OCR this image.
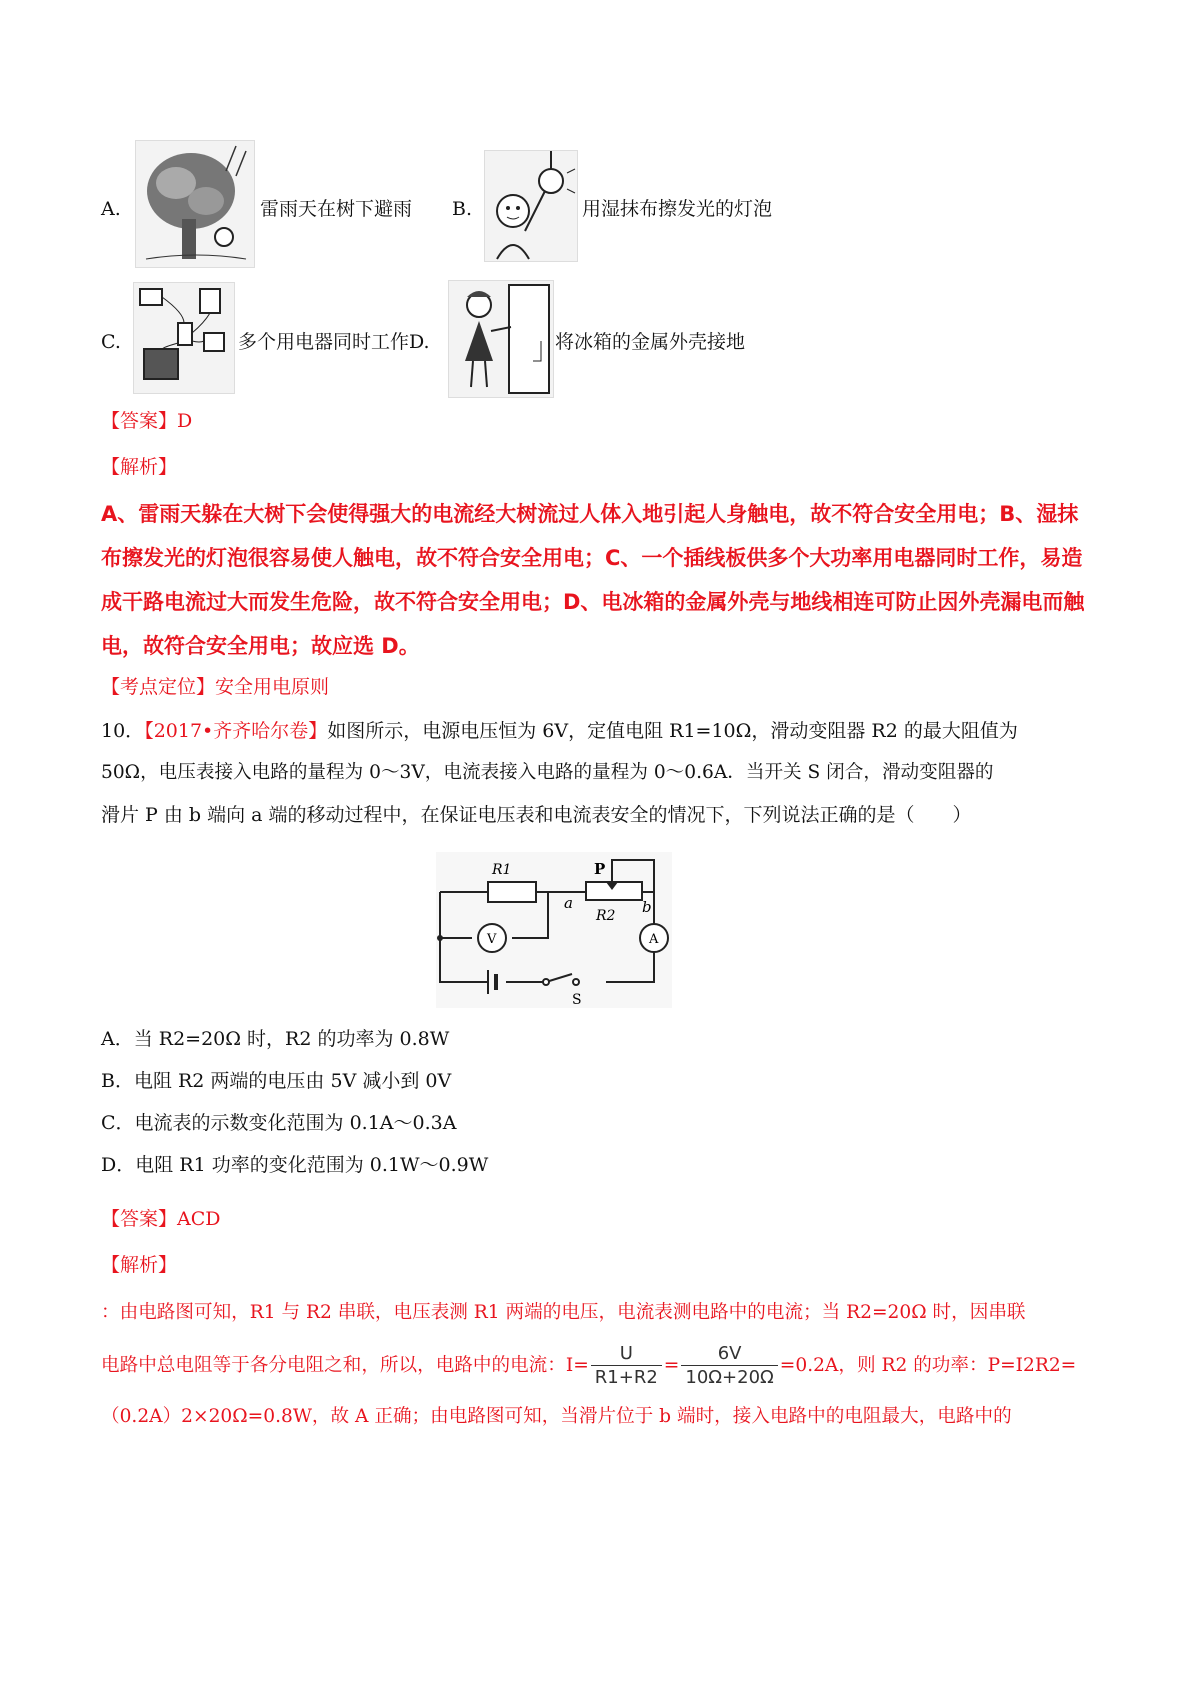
A.	雷雨天在树下避雨 B.	用湿抹布擦发光的灯泡
C.	多个用电器同时工作D.	将冰箱的金属外壳接地
【答案】D
【解析】
A、雷雨天躲在大树下会使得强大的电流经大树流过人体入地引起人身触电，故不符合安全用电；B、湿抹
布擦发光的灯泡很容易使人触电，故不符合安全用电；C、一个插线板供多个大功率用电器同时工作，易造
成干路电流过大而发生危险，故不符合安全用电；D、电冰箱的金属外壳与地线相连可防止因外壳漏电而触
电，故符合安全用电；故应选 D。
【考点定位】安全用电原则
10．【2017•齐齐哈尔卷】如图所示，电源电压恒为 6V，定值电阻 R1=10Ω，滑动变阻器 R2 的最大阻值为
50Ω，电压表接入电路的量程为 0～3V，电流表接入电路的量程为 0～0.6A．当开关 S 闭合，滑动变阻器的
滑片 P 由 b 端向 a 端的移动过程中，在保证电压表和电流表安全的情况下，下列说法正确的是（　　）
R1	P
a	b
R2
V	A
S
A．当 R2=20Ω 时，R2 的功率为 0.8W
B．电阻 R2 两端的电压由 5V 减小到 0V
C．电流表的示数变化范围为 0.1A～0.3A
D．电阻 R1 功率的变化范围为 0.1W～0.9W
【答案】ACD
【解析】
：由电路图可知，R1 与 R2 串联，电压表测 R1 两端的电压，电流表测电路中的电流；当 R2=20Ω 时，因串联
电路中总电阻等于各分电阻之和，所以，电路中的电流：$I= \frac{U}{R1+R2} = \frac{6V}{10\Omega+20\Omega} =0.2A$，则 R2 的功率：P=I2R2=
（0.2A）2×20Ω=0.8W，故 A 正确；由电路图可知，当滑片位于 b 端时，接入电路中的电阻最大，电路中的
